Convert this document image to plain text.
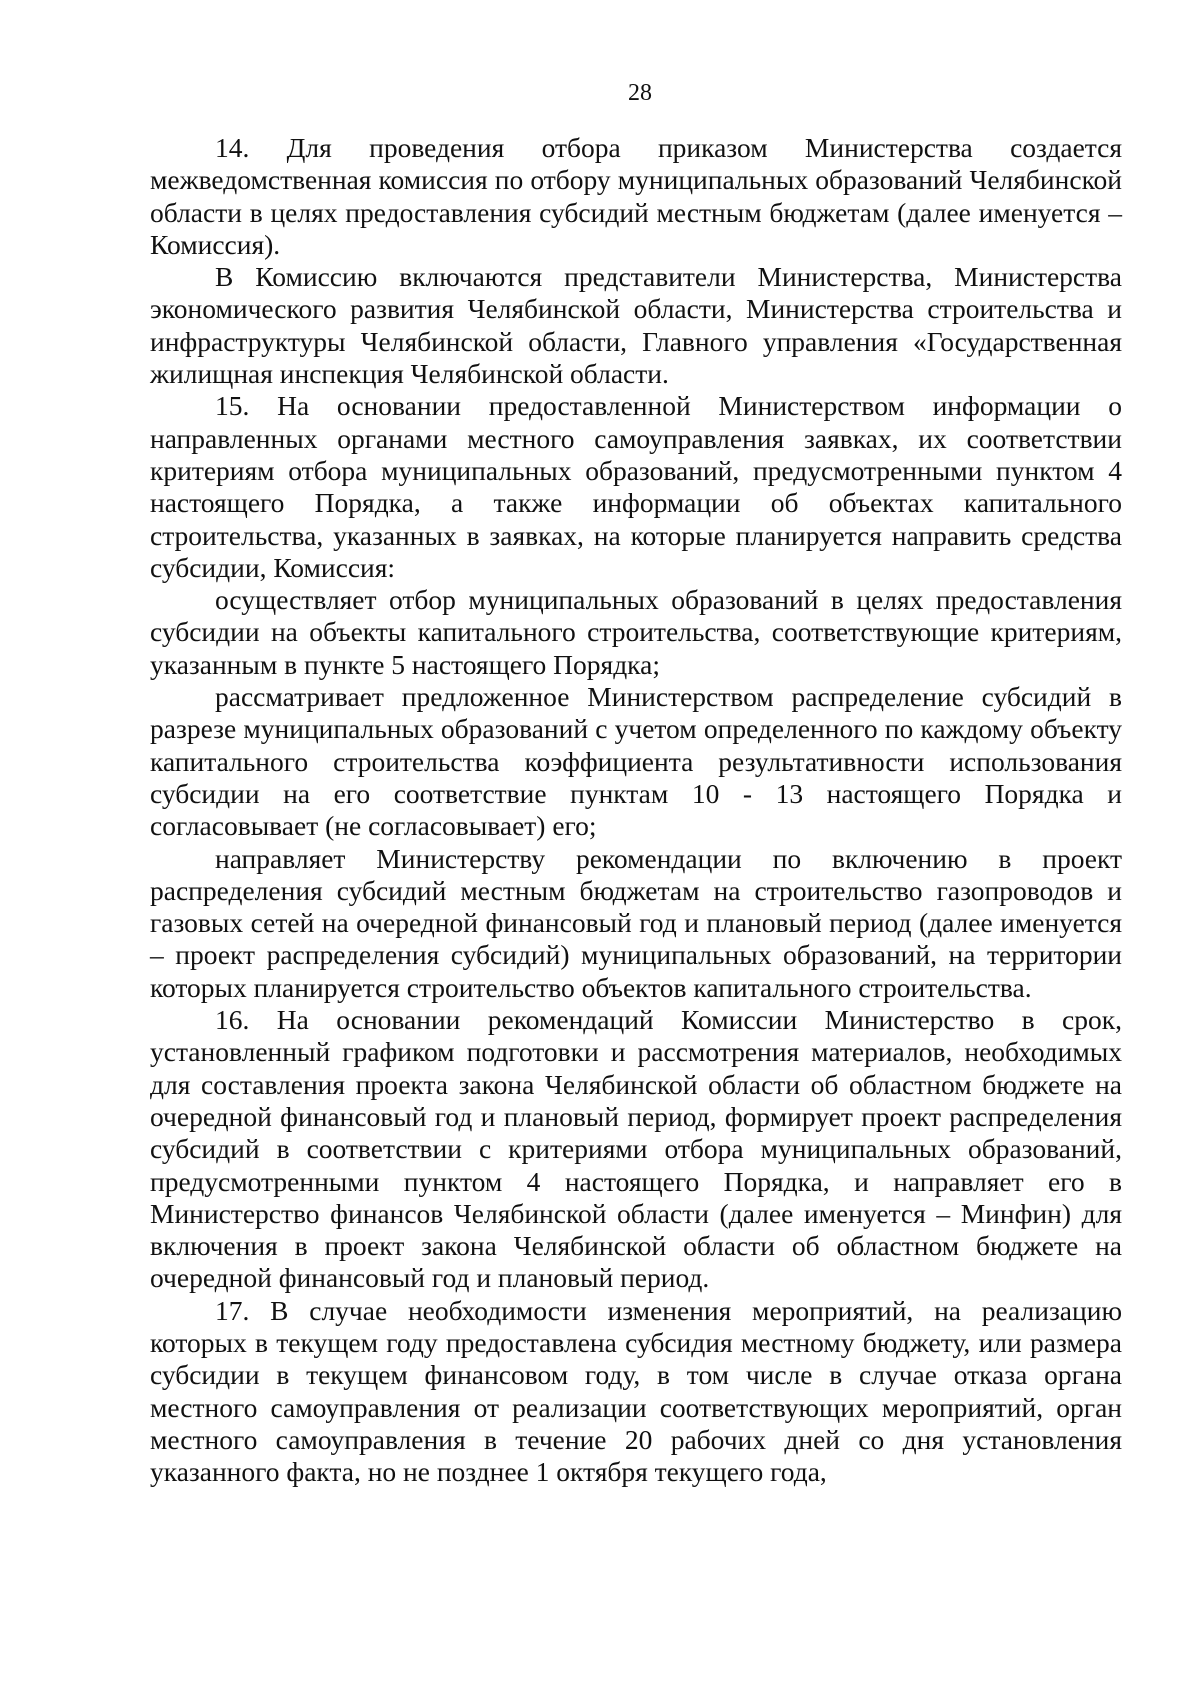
28

14. Для проведения отбора приказом Министерства создается межведомственная комиссия по отбору муниципальных образований Челябинской области в целях предоставления субсидий местным бюджетам (далее именуется – Комиссия).

В Комиссию включаются представители Министерства, Министерства экономического развития Челябинской области, Министерства строительства и инфраструктуры Челябинской области, Главного управления «Государственная жилищная инспекция Челябинской области.

15. На основании предоставленной Министерством информации о направленных органами местного самоуправления заявках, их соответствии критериям отбора муниципальных образований, предусмотренными пунктом 4 настоящего Порядка, а также информации об объектах капитального строительства, указанных в заявках, на которые планируется направить средства субсидии, Комиссия:

осуществляет отбор муниципальных образований в целях предоставления субсидии на объекты капитального строительства, соответствующие критериям, указанным в пункте 5 настоящего Порядка;

рассматривает предложенное Министерством распределение субсидий в разрезе муниципальных образований с учетом определенного по каждому объекту капитального строительства коэффициента результативности использования субсидии на его соответствие пунктам 10 - 13 настоящего Порядка и согласовывает (не согласовывает) его;

направляет Министерству рекомендации по включению в проект распределения субсидий местным бюджетам на строительство газопроводов и газовых сетей на очередной финансовый год и плановый период (далее именуется – проект распределения субсидий) муниципальных образований, на территории которых планируется строительство объектов капитального строительства.

16. На основании рекомендаций Комиссии Министерство в срок, установленный графиком подготовки и рассмотрения материалов, необходимых для составления проекта закона Челябинской области об областном бюджете на очередной финансовый год и плановый период, формирует проект распределения субсидий в соответствии с критериями отбора муниципальных образований, предусмотренными пунктом 4 настоящего Порядка, и направляет его в Министерство финансов Челябинской области (далее именуется – Минфин) для включения в проект закона Челябинской области об областном бюджете на очередной финансовый год и плановый период.

17. В случае необходимости изменения мероприятий, на реализацию которых в текущем году предоставлена субсидия местному бюджету, или размера субсидии в текущем финансовом году, в том числе в случае отказа органа местного самоуправления от реализации соответствующих мероприятий, орган местного самоуправления в течение 20 рабочих дней со дня установления указанного факта, но не позднее 1 октября текущего года,
